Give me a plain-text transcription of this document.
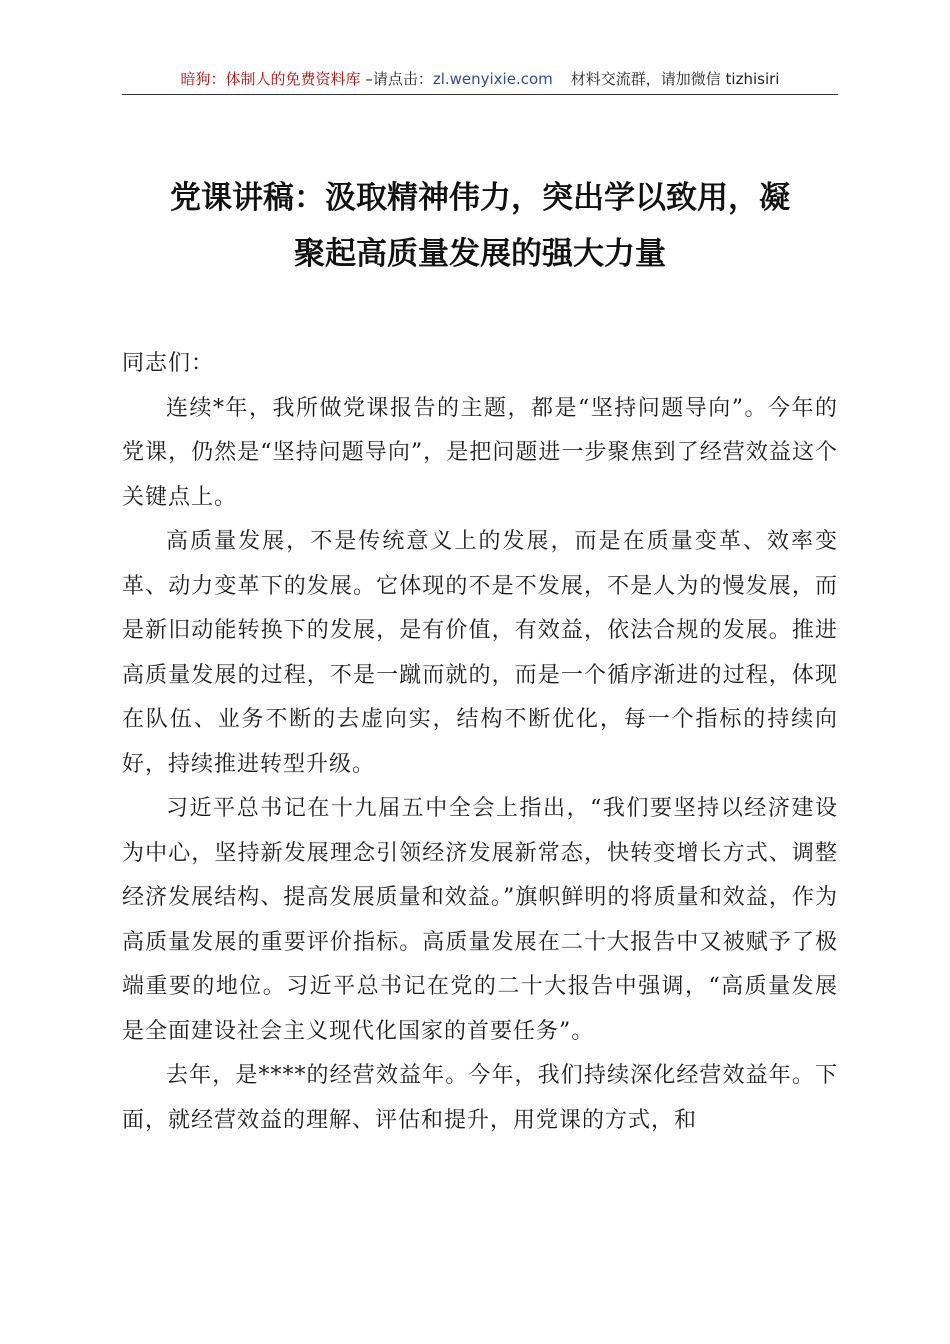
暗狗：体制人的免费资料库 –请点击：zl.wenyixie.com 材料交流群，请加微信 tizhisiri
党课讲稿：汲取精神伟力，突出学以致用，凝
聚起高质量发展的强大力量

同志们：

连续*年，我所做党课报告的主题，都是“坚持问题导向”。今年的党课，仍然是“坚持问题导向”，是把问题进一步聚焦到了经营效益这个关键点上。

高质量发展，不是传统意义上的发展，而是在质量变革、效率变革、动力变革下的发展。它体现的不是不发展，不是人为的慢发展，而是新旧动能转换下的发展，是有价值，有效益，依法合规的发展。推进高质量发展的过程，不是一蹴而就的，而是一个循序渐进的过程，体现在队伍、业务不断的去虚向实，结构不断优化，每一个指标的持续向好，持续推进转型升级。

习近平总书记在十九届五中全会上指出，“我们要坚持以经济建设为中心，坚持新发展理念引领经济发展新常态，快转变增长方式、调整经济发展结构、提高发展质量和效益。”旗帜鲜明的将质量和效益，作为高质量发展的重要评价指标。高质量发展在二十大报告中又被赋予了极端重要的地位。习近平总书记在党的二十大报告中强调，“高质量发展是全面建设社会主义现代化国家的首要任务”。

去年，是****的经营效益年。今年，我们持续深化经营效益年。下面，就经营效益的理解、评估和提升，用党课的方式，和
